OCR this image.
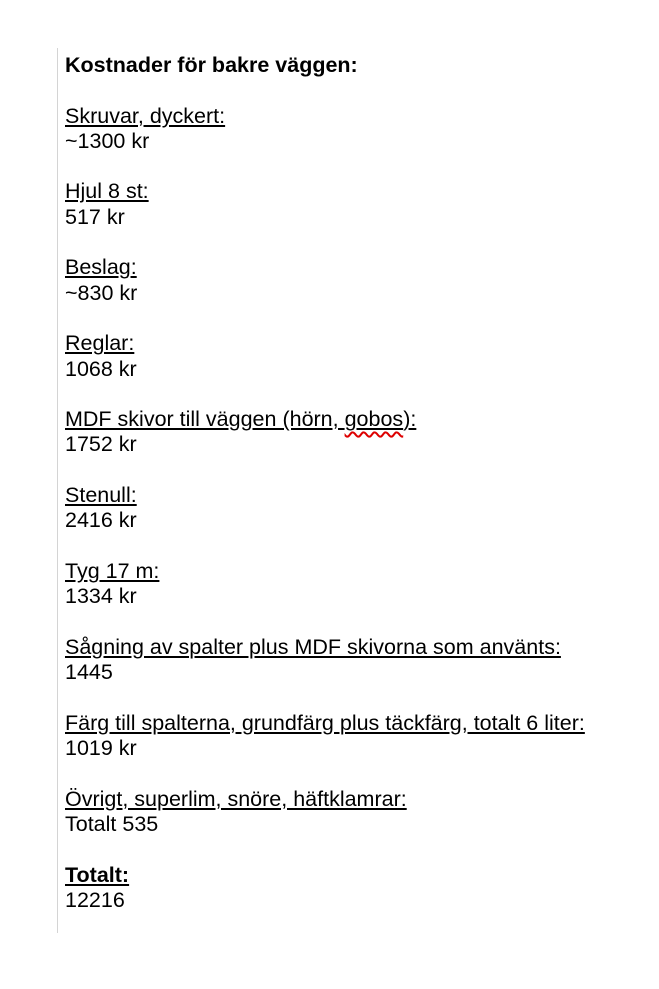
Kostnader för bakre väggen:

Skruvar, dyckert:

~1300 kr

Hjul 8 st:

517 kr

Beslag:

~830 kr

Reglar:

1068 kr

MDF skivor till väggen (hörn, gobos):

1752 kr

Stenull:

2416 kr

Tyg 17 m:

1334 kr

Sågning av spalter plus MDF skivorna som använts:

1445

Färg till spalterna, grundfärg plus täckfärg, totalt 6 liter:

1019 kr

Övrigt, superlim, snöre, häftklamrar:

Totalt 535

Totalt:

12216
